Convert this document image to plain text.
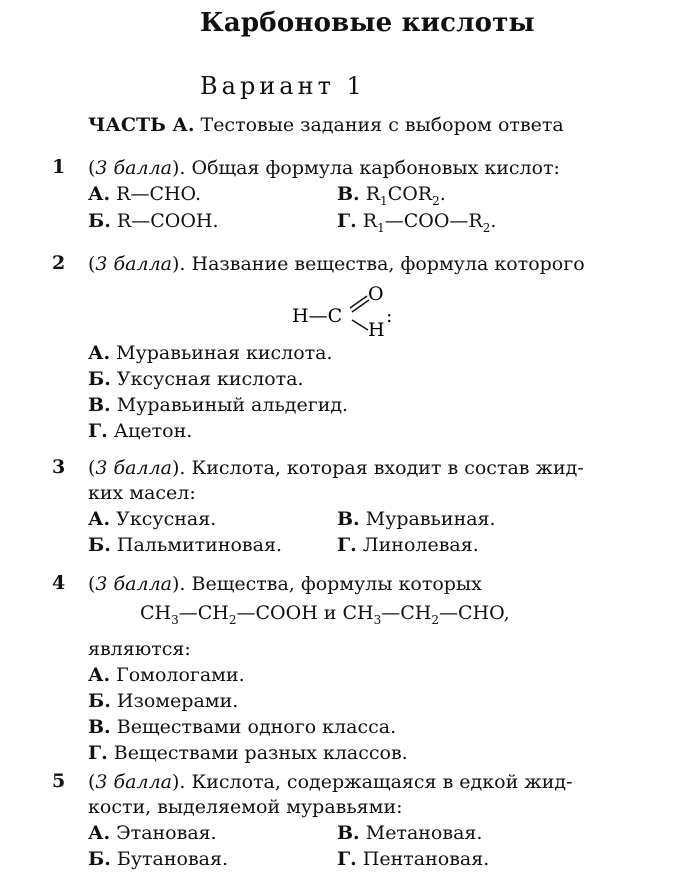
Карбоновые кислоты
Вариант 1
ЧАСТЬ А. Тестовые задания с выбором ответа
1 (3 балла). Общая формула карбоновых кислот:
А. R—CHO.	В. $R_1COR_2$.
Б. R—COOH.	Г. $R_1—COO—R_2$.
2 (3 балла). Название вещества, формула которого
H—C
O
H
:
А. Муравьиная кислота.
Б. Уксусная кислота.
В. Муравьиный альдегид.
Г. Ацетон.
3 (3 балла). Кислота, которая входит в состав жид-
ких масел:
А. Уксусная.	В. Муравьиная.
Б. Пальмитиновая.	Г. Линолевая.
4 (3 балла). Вещества, формулы которых
$CH_3—CH_2—COOH$ и $CH_3—CH_2—CHO$,
являются:
А. Гомологами.
Б. Изомерами.
В. Веществами одного класса.
Г. Веществами разных классов.
5 (3 балла). Кислота, содержащаяся в едкой жид-
кости, выделяемой муравьями:
А. Этановая.	В. Метановая.
Б. Бутановая.	Г. Пентановая.
